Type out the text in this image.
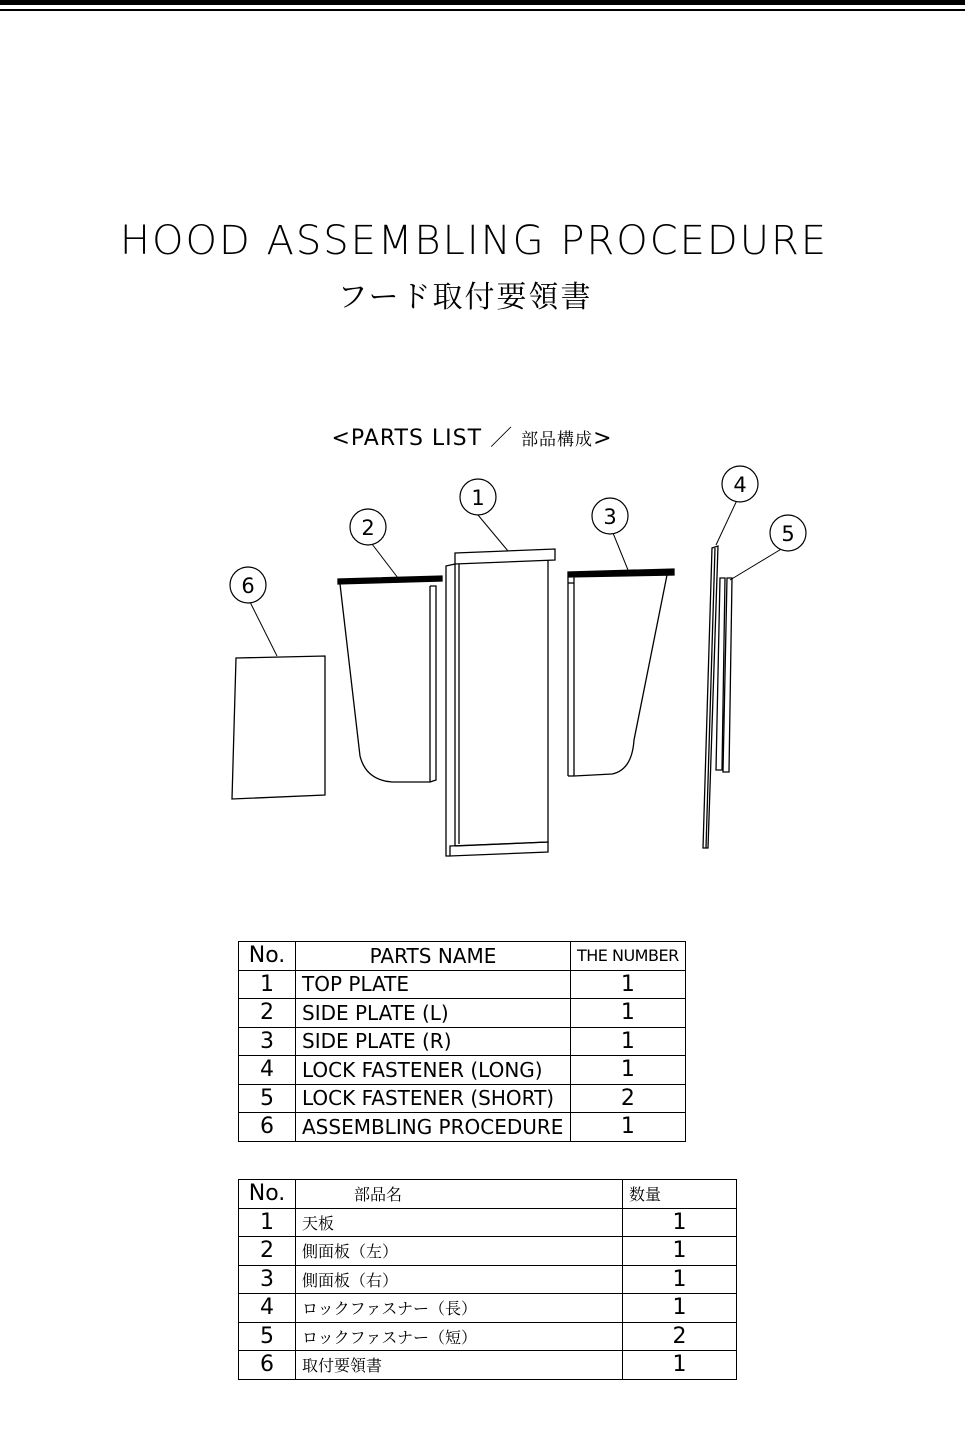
HOOD ASSEMBLING PROCEDURE
フード取付要領書
<PARTS LIST ／ 部品構成>
1
2	3
4
5
6
No.	PARTS NAME	THE NUMBER
1	TOP PLATE	1
2	SIDE PLATE (L)	1
3	SIDE PLATE (R)	1
4	LOCK FASTENER (LONG)	1
5	LOCK FASTENER (SHORT)	2
6	ASSEMBLING PROCEDURE	1
No.	部品名	数量
1	天板	1
2	側面板（左）	1
3	側面板（右）	1
4	ロックファスナー（長）	1
5	ロックファスナー（短）	2
6	取付要領書	1
